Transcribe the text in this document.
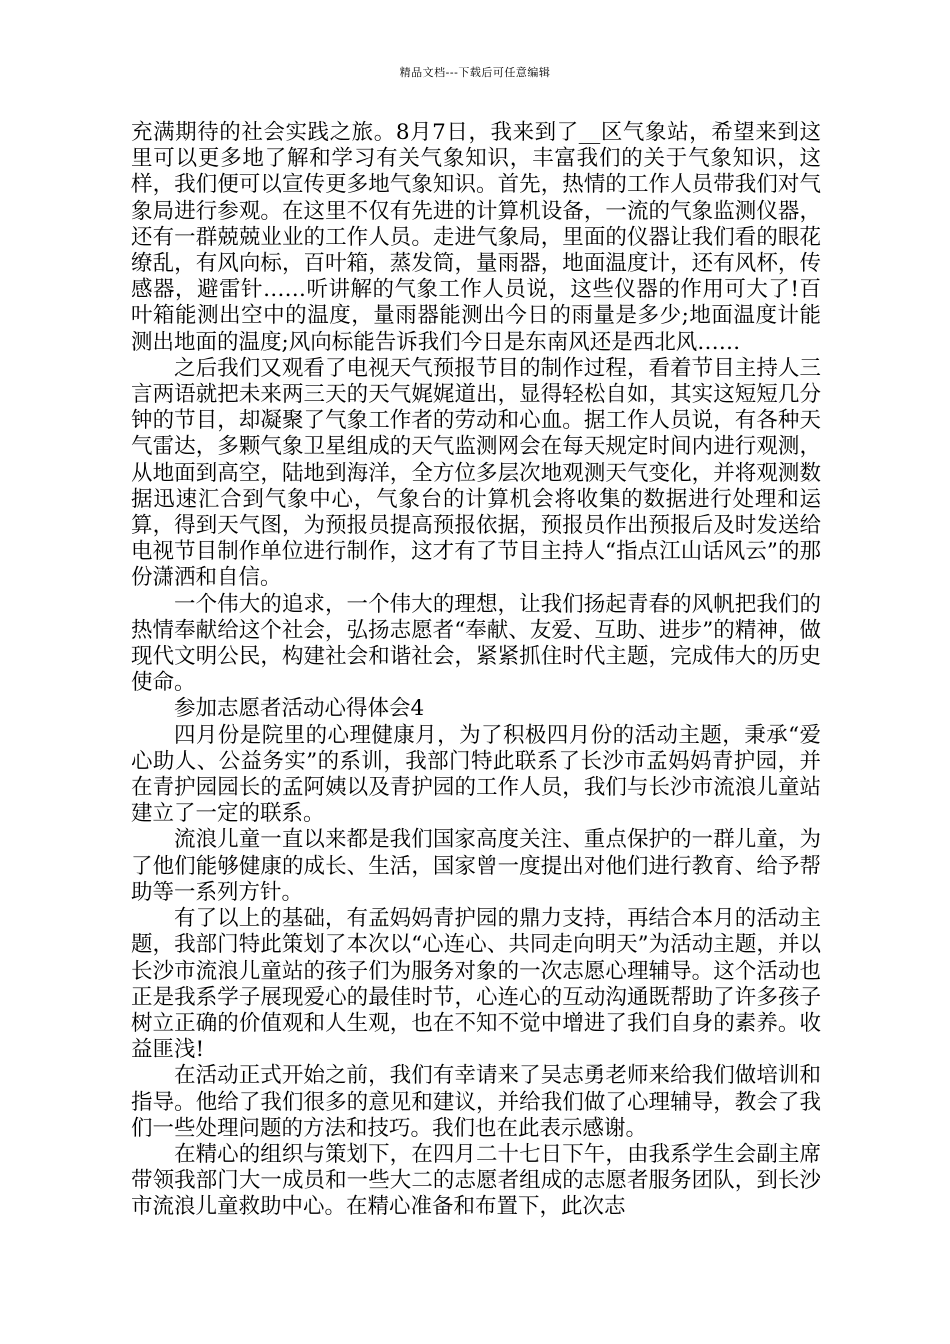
精品文档---下载后可任意编辑

充满期待的社会实践之旅。8月7日，我来到了__区气象站，希望来到这里可以更多地了解和学习有关气象知识，丰富我们的关于气象知识，这样，我们便可以宣传更多地气象知识。首先，热情的工作人员带我们对气象局进行参观。在这里不仅有先进的计算机设备，一流的气象监测仪器，还有一群兢兢业业的工作人员。走进气象局，里面的仪器让我们看的眼花缭乱，有风向标，百叶箱，蒸发筒，量雨器，地面温度计，还有风杯，传感器，避雷针……听讲解的气象工作人员说，这些仪器的作用可大了!百叶箱能测出空中的温度，量雨器能测出今日的雨量是多少;地面温度计能测出地面的温度;风向标能告诉我们今日是东南风还是西北风……

之后我们又观看了电视天气预报节目的制作过程，看着节目主持人三言两语就把未来两三天的天气娓娓道出，显得轻松自如，其实这短短几分钟的节目，却凝聚了气象工作者的劳动和心血。据工作人员说，有各种天气雷达，多颗气象卫星组成的天气监测网会在每天规定时间内进行观测，从地面到高空，陆地到海洋，全方位多层次地观测天气变化，并将观测数据迅速汇合到气象中心，气象台的计算机会将收集的数据进行处理和运算，得到天气图，为预报员提高预报依据，预报员作出预报后及时发送给电视节目制作单位进行制作，这才有了节目主持人“指点江山话风云”的那份潇洒和自信。

一个伟大的追求，一个伟大的理想，让我们扬起青春的风帆把我们的热情奉献给这个社会，弘扬志愿者“奉献、友爱、互助、进步”的精神，做现代文明公民，构建社会和谐社会，紧紧抓住时代主题，完成伟大的历史使命。

参加志愿者活动心得体会4

四月份是院里的心理健康月，为了积极四月份的活动主题，秉承“爱心助人、公益务实”的系训，我部门特此联系了长沙市孟妈妈青护园，并在青护园园长的孟阿姨以及青护园的工作人员，我们与长沙市流浪儿童站建立了一定的联系。

流浪儿童一直以来都是我们国家高度关注、重点保护的一群儿童，为了他们能够健康的成长、生活，国家曾一度提出对他们进行教育、给予帮助等一系列方针。

有了以上的基础，有孟妈妈青护园的鼎力支持，再结合本月的活动主题，我部门特此策划了本次以“心连心、共同走向明天”为活动主题，并以长沙市流浪儿童站的孩子们为服务对象的一次志愿心理辅导。这个活动也正是我系学子展现爱心的最佳时节，心连心的互动沟通既帮助了许多孩子树立正确的价值观和人生观，也在不知不觉中增进了我们自身的素养。收益匪浅!

在活动正式开始之前，我们有幸请来了吴志勇老师来给我们做培训和指导。他给了我们很多的意见和建议，并给我们做了心理辅导，教会了我们一些处理问题的方法和技巧。我们也在此表示感谢。

在精心的组织与策划下，在四月二十七日下午，由我系学生会副主席带领我部门大一成员和一些大二的志愿者组成的志愿者服务团队，到长沙市流浪儿童救助中心。在精心准备和布置下，此次志
